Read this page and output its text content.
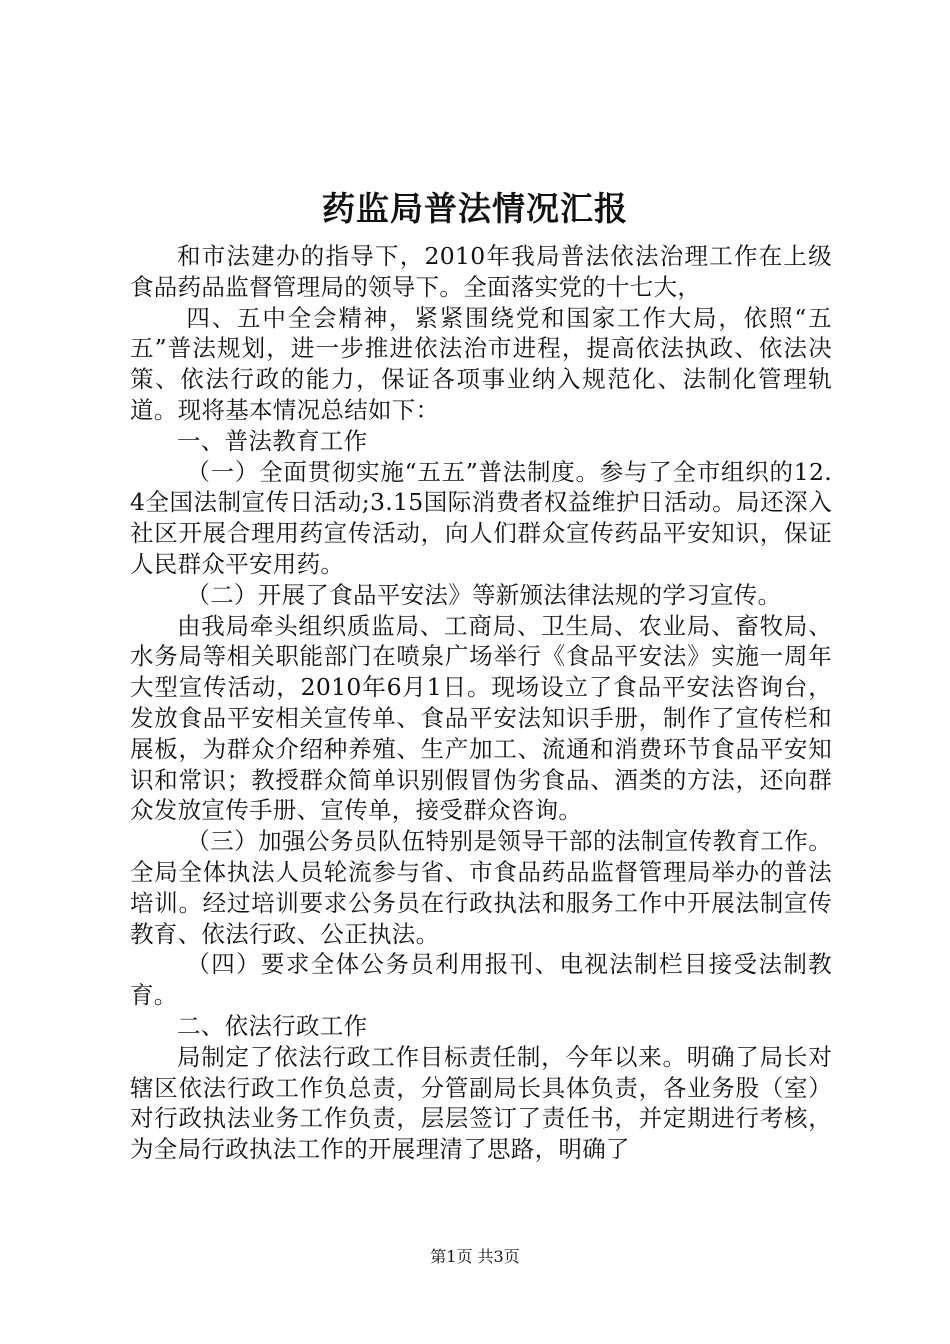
药监局普法情况汇报

和市法建办的指导下，2010年我局普法依法治理工作在上级食品药品监督管理局的领导下。全面落实党的十七大，

四、五中全会精神，紧紧围绕党和国家工作大局，依照“五五”普法规划，进一步推进依法治市进程，提高依法执政、依法决策、依法行政的能力，保证各项事业纳入规范化、法制化管理轨道。现将基本情况总结如下：

一、普法教育工作

（一）全面贯彻实施“五五”普法制度。参与了全市组织的12.4全国法制宣传日活动;3.15国际消费者权益维护日活动。局还深入社区开展合理用药宣传活动，向人们群众宣传药品平安知识，保证人民群众平安用药。

（二）开展了食品平安法》等新颁法律法规的学习宣传。

由我局牵头组织质监局、工商局、卫生局、农业局、畜牧局、水务局等相关职能部门在喷泉广场举行《食品平安法》实施一周年大型宣传活动，2010年6月1日。现场设立了食品平安法咨询台，发放食品平安相关宣传单、食品平安法知识手册，制作了宣传栏和展板，为群众介绍种养殖、生产加工、流通和消费环节食品平安知识和常识；教授群众简单识别假冒伪劣食品、酒类的方法，还向群众发放宣传手册、宣传单，接受群众咨询。

（三）加强公务员队伍特别是领导干部的法制宣传教育工作。全局全体执法人员轮流参与省、市食品药品监督管理局举办的普法培训。经过培训要求公务员在行政执法和服务工作中开展法制宣传教育、依法行政、公正执法。

（四）要求全体公务员利用报刊、电视法制栏目接受法制教育。

二、依法行政工作

局制定了依法行政工作目标责任制，今年以来。明确了局长对辖区依法行政工作负总责，分管副局长具体负责，各业务股（室）对行政执法业务工作负责，层层签订了责任书，并定期进行考核，为全局行政执法工作的开展理清了思路，明确了

第1页 共3页
